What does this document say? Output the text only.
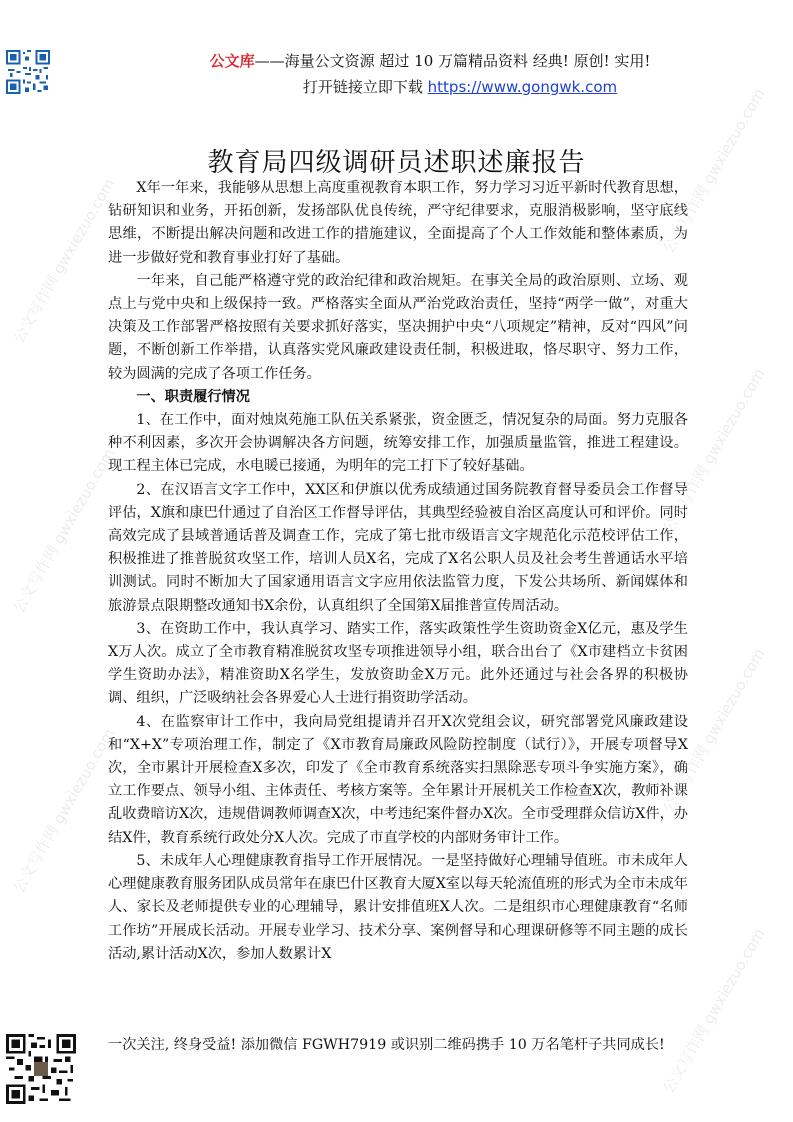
公文库——海量公文资源 超过 10 万篇精品资料 经典! 原创! 实用!
打开链接立即下载 https://www.gongwk.com
教育局四级调研员述职述廉报告

X年一年来，我能够从思想上高度重视教育本职工作，努力学习习近平新时代教育思想，钻研知识和业务，开拓创新，发扬部队优良传统，严守纪律要求，克服消极影响，坚守底线思维，不断提出解决问题和改进工作的措施建议，全面提高了个人工作效能和整体素质，为进一步做好党和教育事业打好了基础。

一年来，自己能严格遵守党的政治纪律和政治规矩。在事关全局的政治原则、立场、观点上与党中央和上级保持一致。严格落实全面从严治党政治责任，坚持“两学一做”，对重大决策及工作部署严格按照有关要求抓好落实，坚决拥护中央“八项规定”精神，反对“四风”问题，不断创新工作举措，认真落实党风廉政建设责任制，积极进取，恪尽职守、努力工作，较为圆满的完成了各项工作任务。

一、职责履行情况

1、在工作中，面对烛岚苑施工队伍关系紧张，资金匮乏，情况复杂的局面。努力克服各种不利因素，多次开会协调解决各方问题，统筹安排工作，加强质量监管，推进工程建设。现工程主体已完成，水电暖已接通，为明年的完工打下了较好基础。

2、在汉语言文字工作中，XX区和伊旗以优秀成绩通过国务院教育督导委员会工作督导评估，X旗和康巴什通过了自治区工作督导评估，其典型经验被自治区高度认可和评价。同时高效完成了县域普通话普及调查工作，完成了第七批市级语言文字规范化示范校评估工作，积极推进了推普脱贫攻坚工作，培训人员X名，完成了X名公职人员及社会考生普通话水平培训测试。同时不断加大了国家通用语言文字应用依法监管力度，下发公共场所、新闻媒体和旅游景点限期整改通知书X余份，认真组织了全国第X届推普宣传周活动。

3、在资助工作中，我认真学习、踏实工作，落实政策性学生资助资金X亿元，惠及学生X万人次。成立了全市教育精准脱贫攻坚专项推进领导小组，联合出台了《X市建档立卡贫困学生资助办法》，精准资助X名学生，发放资助金X万元。此外还通过与社会各界的积极协调、组织，广泛吸纳社会各界爱心人士进行捐资助学活动。

4、在监察审计工作中，我向局党组提请并召开X次党组会议，研究部署党风廉政建设和“X+X”专项治理工作，制定了《X市教育局廉政风险防控制度（试行）》，开展专项督导X次，全市累计开展检查X多次，印发了《全市教育系统落实扫黑除恶专项斗争实施方案》，确立工作要点、领导小组、主体责任、考核方案等。全年累计开展机关工作检查X次，教师补课乱收费暗访X次，违规借调教师调查X次，中考违纪案件督办X次。全市受理群众信访X件，办结X件，教育系统行政处分X人次。完成了市直学校的内部财务审计工作。

5、未成年人心理健康教育指导工作开展情况。一是坚持做好心理辅导值班。市未成年人心理健康教育服务团队成员常年在康巴什区教育大厦X室以每天轮流值班的形式为全市未成年人、家长及老师提供专业的心理辅导，累计安排值班X人次。二是组织市心理健康教育“名师工作坊”开展成长活动。开展专业学习、技术分享、案例督导和心理课研修等不同主题的成长活动,累计活动X次，参加人数累计X

一次关注, 终身受益! 添加微信 FGWH7919 或识别二维码携手 10 万名笔杆子共同成长!
公文写作网 gwxiezuo.com
公文写作网 gwxiezuo.com
公文写作网 gwxiezuo.com
公文写作网 gwxiezuo.com
公文写作网 gwxiezuo.com
公文写作网 gwxiezuo.com
公文写作网 gwxiezuo.com
